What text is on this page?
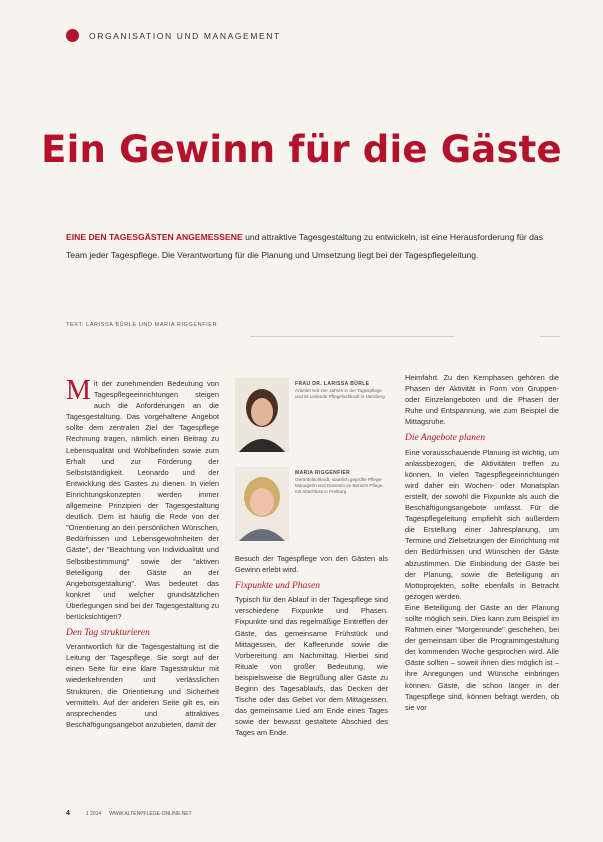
ORGANISATION UND MANAGEMENT
Ein Gewinn für die Gäste
EINE DEN TAGESGÄSTEN ANGEMESSENE und attraktive Tagesgestaltung zu entwickeln, ist eine Herausforderung für das Team jeder Tagespflege. Die Verantwortung für die Planung und Umsetzung liegt bei der Tagespflegeleitung.
TEXT: LARISSA BÜRLE UND MARIA RIGGENFIER

Mit der zunehmenden Bedeutung von Tagespflegeeinrichtungen steigen auch die Anforderungen an die Tagesgestaltung. Das vorgehaltene Angebot sollte dem zentralen Ziel der Tagespflege Rechnung tragen, nämlich einen Beitrag zu Lebensqualität und Wohlbefinden sowie zum Erhalt und zur Förderung der Selbstständigkeit. Leonardo und der Entwicklung des Gastes zu dienen. In vielen Einrichtungskonzepten werden immer allgemeine Prinzipien der Tagesgestaltung deutlich. Dem ist häufig die Rede von der "Orientierung an den persönlichen Wünschen, Bedürfnissen und Lebensgewohnheiten der Gäste", der "Beachtung von Individualität und Selbstbestimmung" sowie der "aktiven Beteiligung der Gäste an der Angebotsgestaltung". Was bedeutet das konkret und welcher grundsätzlichen Überlegungen sind bei der Tagesgestaltung zu berücksichtigen?

Den Tag strukturieren

Verantwortlich für die Tagesgestaltung ist die Leitung der Tagespflege. Sie sorgt auf der einen Seite für eine klare Tagesstruktur mit wiederkehrenden und verlässlichen Strukturen, die Orientierung und Sicherheit vermitteln. Auf der anderen Seite gilt es, ein ansprechendes und attraktives Beschäftigungsangebot anzubieten, damit der

FRAU DR. LARISSA BÜRLE
Arbeitet seit vier Jahren in der Tagespflege und ist Leitende Pflegefachkraft in Nürnberg
MARIA RIGGENFIER
Gerontofachkraft, staatlich geprüfte Pflege-Managerin und Dozentin im Bereich Pflege, mit Abschluss in Freiburg

Besuch der Tagespflege von den Gästen als Gewinn erlebt wird.

Fixpunkte und Phasen

Typisch für den Ablauf in der Tagespflege sind verschiedene Fixpunkte und Phasen. Fixpunkte sind das regelmäßige Eintreffen der Gäste, das gemeinsame Frühstück und Mittagessen, der Kaffeerunde sowie die Vorbereitung am Nachmittag. Hierbei sind Rituale von großer Bedeutung, wie beispielsweise die Begrüßung aller Gäste zu Beginn des Tagesablaufs, das Decken der Tische oder das Gebet vor dem Mittagessen, das gemeinsame Lied am Ende eines Tages sowie der bewusst gestaltete Abschied des Tages am Ende.

Heimfahrt. Zu den Kernphasen gehören die Phasen der Aktivität in Form von Gruppen- oder Einzelangeboten und die Phasen der Ruhe und Entspannung, wie zum Beispiel die Mittagsruhe.

Die Angebote planen

Eine vorausschauende Planung ist wichtig, um anlassbezogen, die Aktivitäten treffen zu können. In vielen Tagespflegeeinrichtungen wird daher ein Wochen- oder Monatsplan erstellt, der sowohl die Fixpunkte als auch die Beschäftigungsangebote umfasst. Für die Tagespflegeleitung empfiehlt sich außerdem die Erstellung einer Jahresplanung, um Termine und Zielsetzungen der Einrichtung mit den Bedürfnissen und Wünschen der Gäste abzustimmen. Die Einbindung der Gäste bei der Planung, sowie die Beteiligung an Mottoprojekten, sollte ebenfalls in Betracht gezogen werden.

Eine Beteiligung der Gäste an der Planung sollte möglich sein. Dies kann zum Beispiel im Rahmen einer "Morgenrunde" geschehen, bei der gemeinsam über die Programmgestaltung der kommenden Woche gesprochen wird. Alle Gäste sollten – soweit ihnen dies möglich ist – ihre Anregungen und Wünsche einbringen können. Gäste, die schon länger in der Tagespflege sind, können befragt werden, ob sie vor

4	1 2014 WWW.ALTENPFLEGE-ONLINE.NET
